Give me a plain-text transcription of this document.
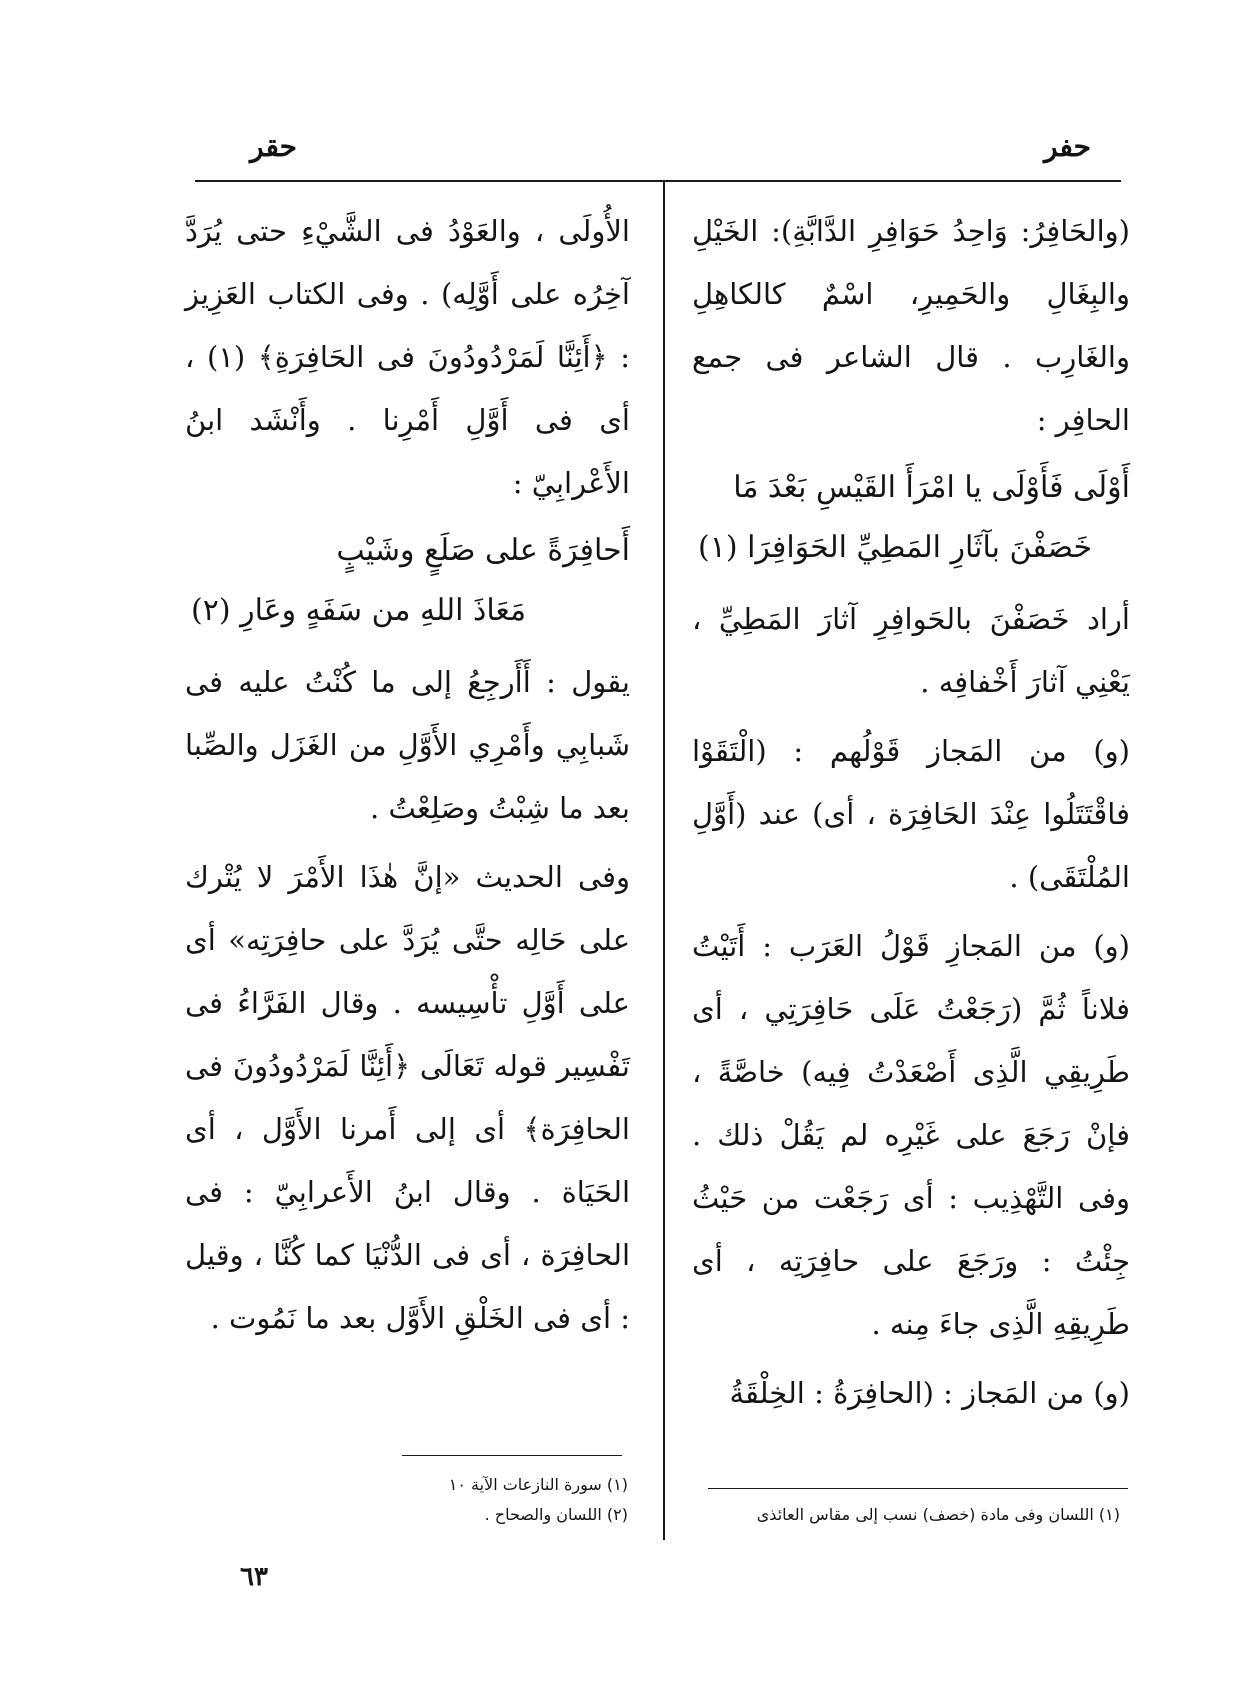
حقر	حفر

(والحَافِرُ: وَاحِدُ حَوَافِرِ الدَّابَّةِ): الخَيْلِ والبِغَالِ والحَمِيرِ، اسْمٌ كالكاهِلِ والغَارِب . قال الشاعر فى جمع الحافِر :

أَوْلَى فَأَوْلَى يا امْرَأَ القَيْسِ بَعْدَ مَا
خَصَفْنَ بآثَارِ المَطِيِّ الحَوَافِرَا (١)

أراد خَصَفْنَ بالحَوافِرِ آثارَ المَطِيِّ ، يَعْنِي آثارَ أَخْفافِه .

(و) من المَجاز قَوْلُهم : (الْتَقَوْا فاقْتَتَلُوا عِنْدَ الحَافِرَة ، أى) عند (أَوَّلِ المُلْتَقَى) .

(و) من المَجازِ قَوْلُ العَرَب : أَتَيْتُ فلاناً ثُمَّ (رَجَعْتُ عَلَى حَافِرَتِي ، أى طَرِيقِي الَّذِى أَصْعَدْتُ فِيه) خاصَّةً ، فإنْ رَجَعَ على غَيْرِه لم يَقُلْ ذلك . وفى التَّهْذِيب : أى رَجَعْت من حَيْثُ جِئْتُ : ورَجَعَ على حافِرَتِه ، أى طَرِيقِهِ الَّذِى جاءَ مِنه .

(و) من المَجاز : (الحافِرَةُ : الخِلْقَةُ

الأُولَى ، والعَوْدُ فى الشَّيْءِ حتى يُرَدَّ آخِرُه على أَوَّلِه) . وفى الكتاب العَزِيز : ﴿أَئِنَّا لَمَرْدُودُونَ فى الحَافِرَةِ﴾ (١) ، أى فى أَوَّلِ أَمْرِنا . وأَنْشَد ابنُ الأَعْرابِيّ :

أَحافِرَةً على صَلَعٍ وشَيْبٍ
مَعَاذَ اللهِ من سَفَهٍ وعَارِ (٢)

يقول : أَأَرجِعُ إلى ما كُنْتُ عليه فى شَبابِي وأَمْرِي الأَوَّلِ من الغَزَل والصِّبا بعد ما شِبْتُ وصَلِعْتُ .

وفى الحديث «إنَّ هٰذَا الأَمْرَ لا يُتْرك على حَالِه حتَّى يُرَدَّ على حافِرَتِه» أى على أَوَّلِ تأْسِيسه . وقال الفَرَّاءُ فى تَفْسِير قوله تَعَالَى ﴿أَئِنَّا لَمَرْدُودُونَ فى الحافِرَة﴾ أى إلى أَمرنا الأَوَّل ، أى الحَيَاة . وقال ابنُ الأَعرابِيّ : فى الحافِرَة ، أى فى الدُّنْيَا كما كُنَّا ، وقيل : أى فى الخَلْقِ الأَوَّل بعد ما نَمُوت .

(١) اللسان وفى مادة (خصف) نسب إلى مقاس العائذى
(١) سورة النازعات الآية ١٠
(٢) اللسان والصحاح .
٦٣
